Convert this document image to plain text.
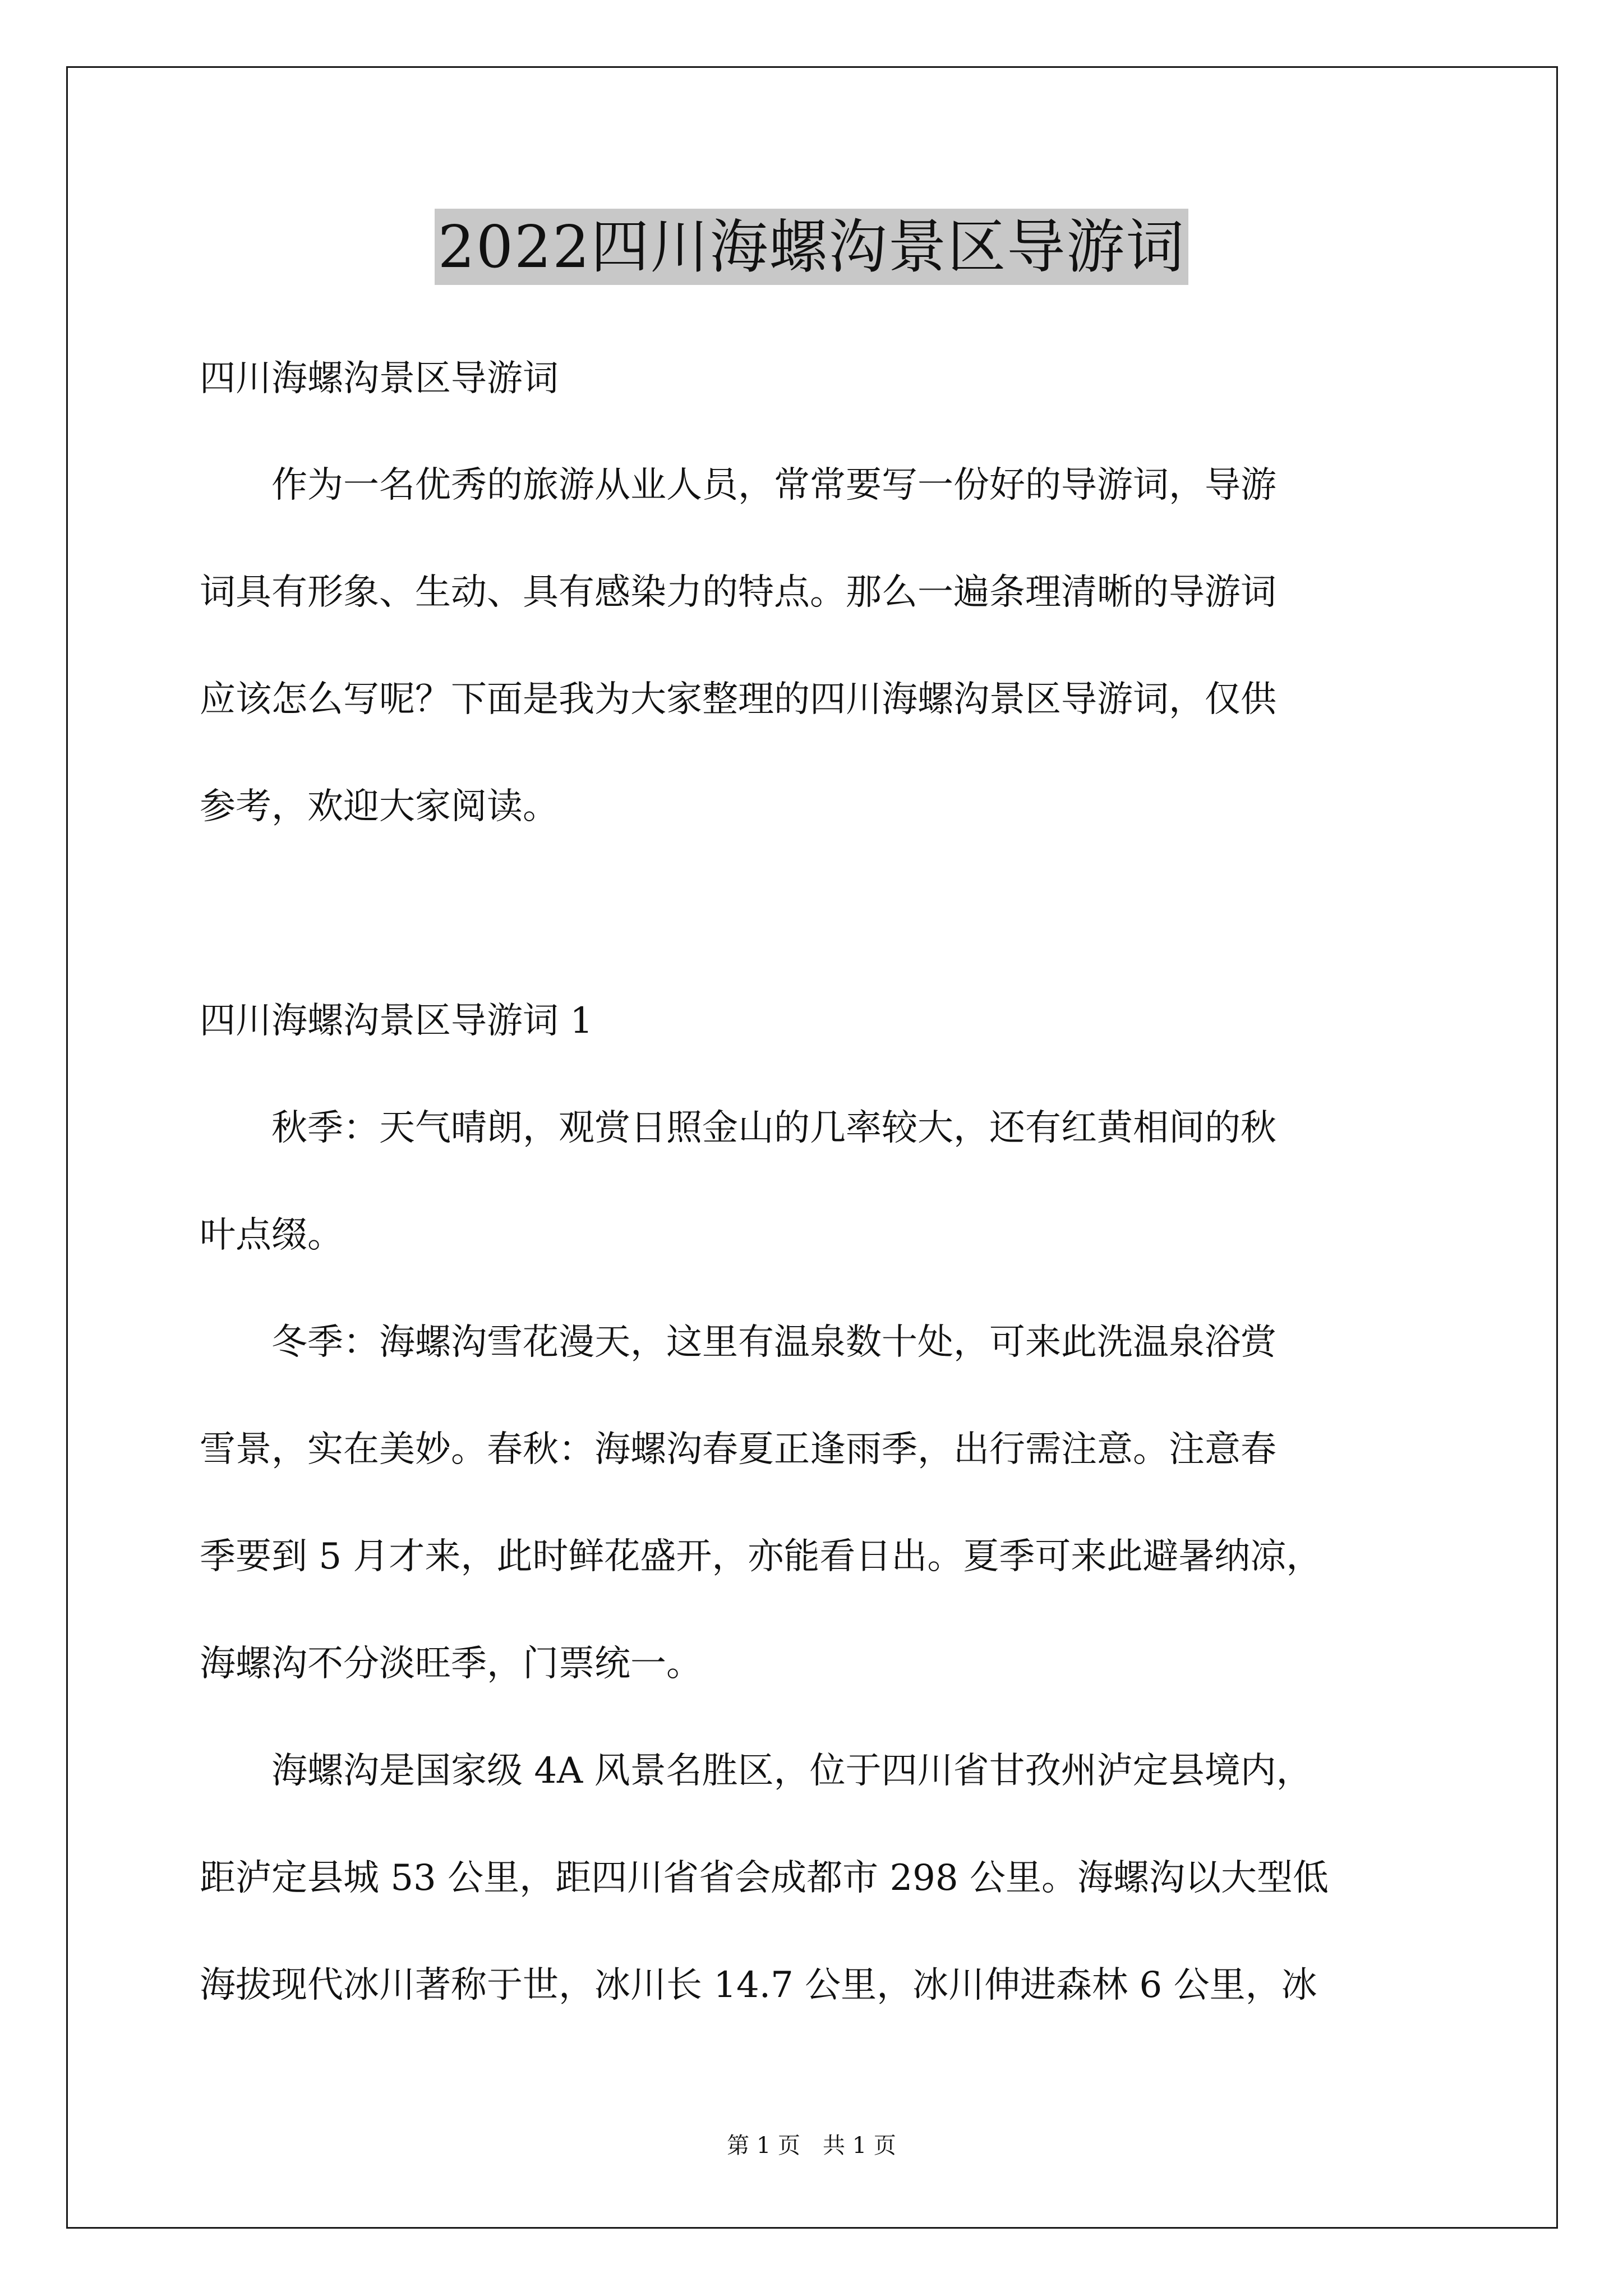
2022四川海螺沟景区导游词

四川海螺沟景区导游词

　　作为一名优秀的旅游从业人员，常常要写一份好的导游词，导游

词具有形象、生动、具有感染力的特点。那么一遍条理清晰的导游词

应该怎么写呢？下面是我为大家整理的四川海螺沟景区导游词，仅供

参考，欢迎大家阅读。

四川海螺沟景区导游词 1

　　秋季：天气晴朗，观赏日照金山的几率较大，还有红黄相间的秋

叶点缀。

　　冬季：海螺沟雪花漫天，这里有温泉数十处，可来此洗温泉浴赏

雪景，实在美妙。春秋：海螺沟春夏正逢雨季，出行需注意。注意春

季要到 5 月才来，此时鲜花盛开，亦能看日出。夏季可来此避暑纳凉，

海螺沟不分淡旺季，门票统一。

　　海螺沟是国家级 4A 风景名胜区，位于四川省甘孜州泸定县境内，

距泸定县城 53 公里，距四川省省会成都市 298 公里。海螺沟以大型低

海拔现代冰川著称于世，冰川长 14.7 公里，冰川伸进森林 6 公里，冰

第 1 页　共 1 页
